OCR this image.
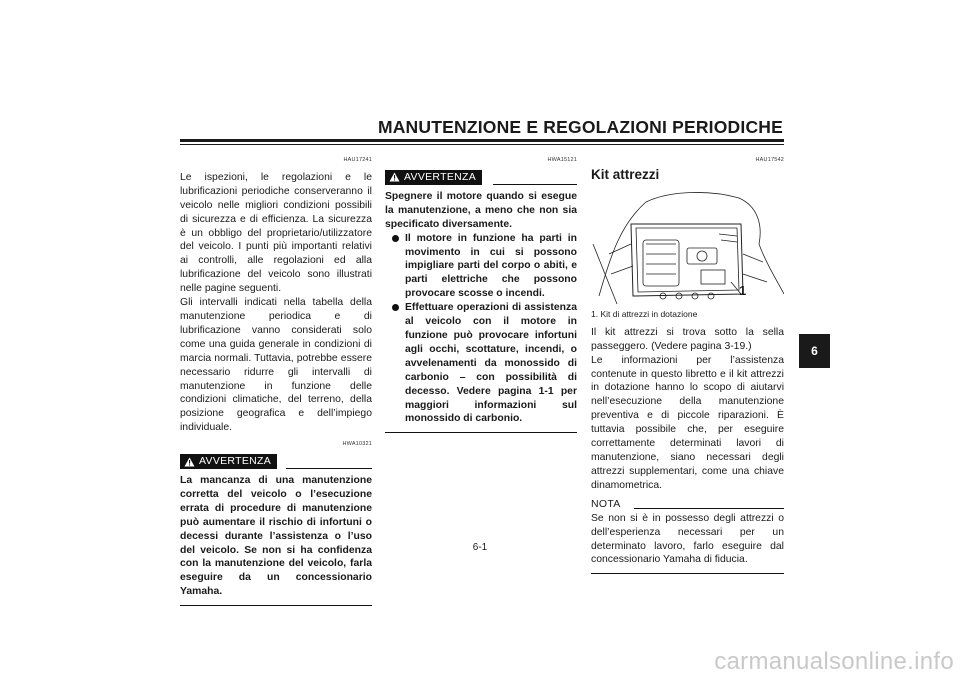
MANUTENZIONE E REGOLAZIONI PERIODICHE
HAU17241

Le ispezioni, le regolazioni e le lubrificazioni periodiche conserveranno il veicolo nelle migliori condizioni possibili di sicurezza e di efficienza. La sicurezza è un obbligo del proprietario/utilizzatore del veicolo. I punti più importanti relativi ai controlli, alle regolazioni ed alla lubrificazione del veicolo sono illustrati nelle pagine seguenti.

Gli intervalli indicati nella tabella della manutenzione periodica e di lubrificazione vanno considerati solo come una guida generale in condizioni di marcia normali. Tuttavia, potrebbe essere necessario ridurre gli intervalli di manutenzione in funzione delle condizioni climatiche, del terreno, della posizione geografica e dell’impiego individuale.

HWA10321
AVVERTENZA

La mancanza di una manutenzione corretta del veicolo o l’esecuzione errata di procedure di manutenzione può aumentare il rischio di infortuni o decessi durante l’assistenza o l’uso del veicolo. Se non si ha confidenza con la manutenzione del veicolo, farla eseguire da un concessionario Yamaha.

HWA15121
AVVERTENZA

Spegnere il motore quando si esegue la manutenzione, a meno che non sia specificato diversamente.

Il motore in funzione ha parti in movimento in cui si possono impigliare parti del corpo o abiti, e parti elettriche che possono provocare scosse o incendi.
Effettuare operazioni di assistenza al veicolo con il motore in funzione può provocare infortuni agli occhi, scottature, incendi, o avvelenamenti da monossido di carbonio – con possibilità di decesso. Vedere pagina 1-1 per maggiori informazioni sul monossido di carbonio.
HAU17542
Kit attrezzi
1
1. Kit di attrezzi in dotazione

Il kit attrezzi si trova sotto la sella passeggero. (Vedere pagina 3-19.)

Le informazioni per l’assistenza contenute in questo libretto e il kit attrezzi in dotazione hanno lo scopo di aiutarvi nell’esecuzione della manutenzione preventiva e di piccole riparazioni. È tuttavia possibile che, per eseguire correttamente determinati lavori di manutenzione, siano necessari degli attrezzi supplementari, come una chiave dinamometrica.

NOTA

Se non si è in possesso degli attrezzi o dell’esperienza necessari per un determinato lavoro, farlo eseguire dal concessionario Yamaha di fiducia.

6
6-1
carmanualsonline.info
